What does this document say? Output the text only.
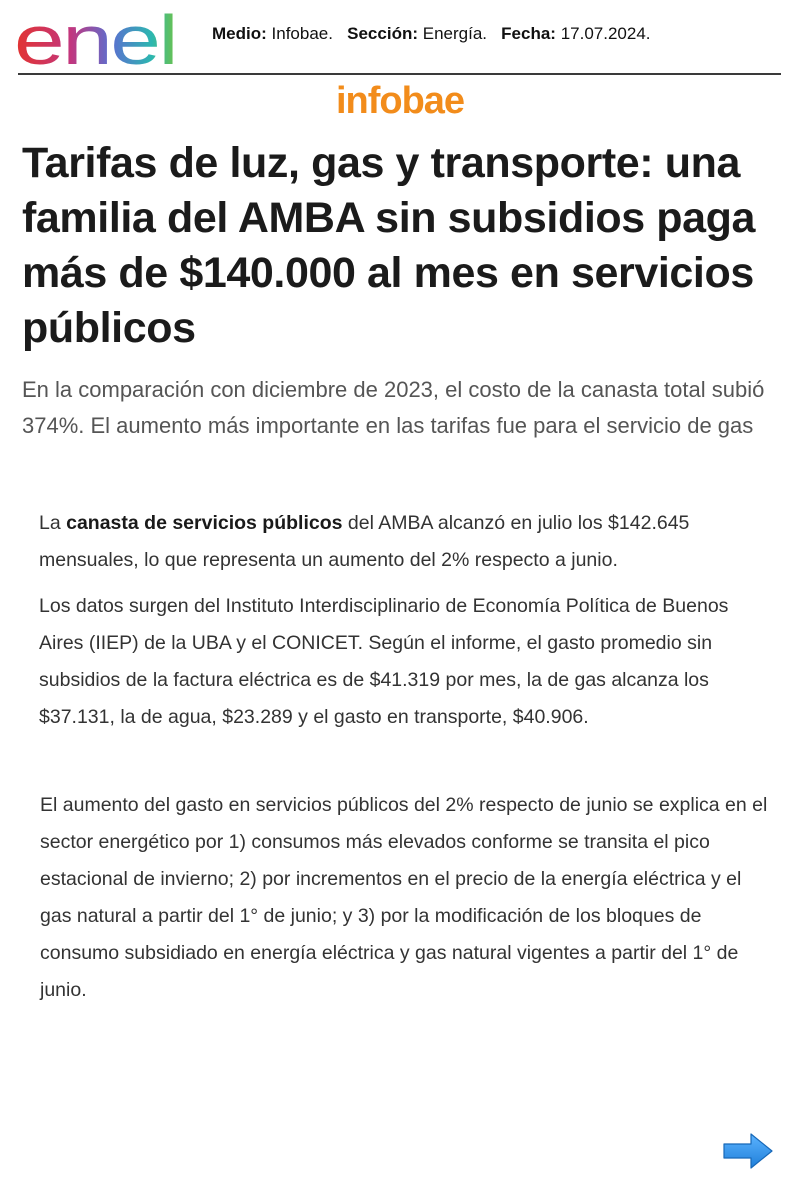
enel Medio: Infobae. Sección: Energía. Fecha: 17.07.2024.
infobae
Tarifas de luz, gas y transporte: una familia del AMBA sin subsidios paga más de $140.000 al mes en servicios públicos

En la comparación con diciembre de 2023, el costo de la canasta total subió 374%. El aumento más importante en las tarifas fue para el servicio de gas

La canasta de servicios públicos del AMBA alcanzó en julio los $142.645 mensuales, lo que representa un aumento del 2% respecto a junio.

Los datos surgen del Instituto Interdisciplinario de Economía Política de Buenos Aires (IIEP) de la UBA y el CONICET. Según el informe, el gasto promedio sin subsidios de la factura eléctrica es de $41.319 por mes, la de gas alcanza los $37.131, la de agua, $23.289 y el gasto en transporte, $40.906.

El aumento del gasto en servicios públicos del 2% respecto de junio se explica en el sector energético por 1) consumos más elevados conforme se transita el pico estacional de invierno; 2) por incrementos en el precio de la energía eléctrica y el gas natural a partir del 1° de junio; y 3) por la modificación de los bloques de consumo subsidiado en energía eléctrica y gas natural vigentes a partir del 1° de junio.
